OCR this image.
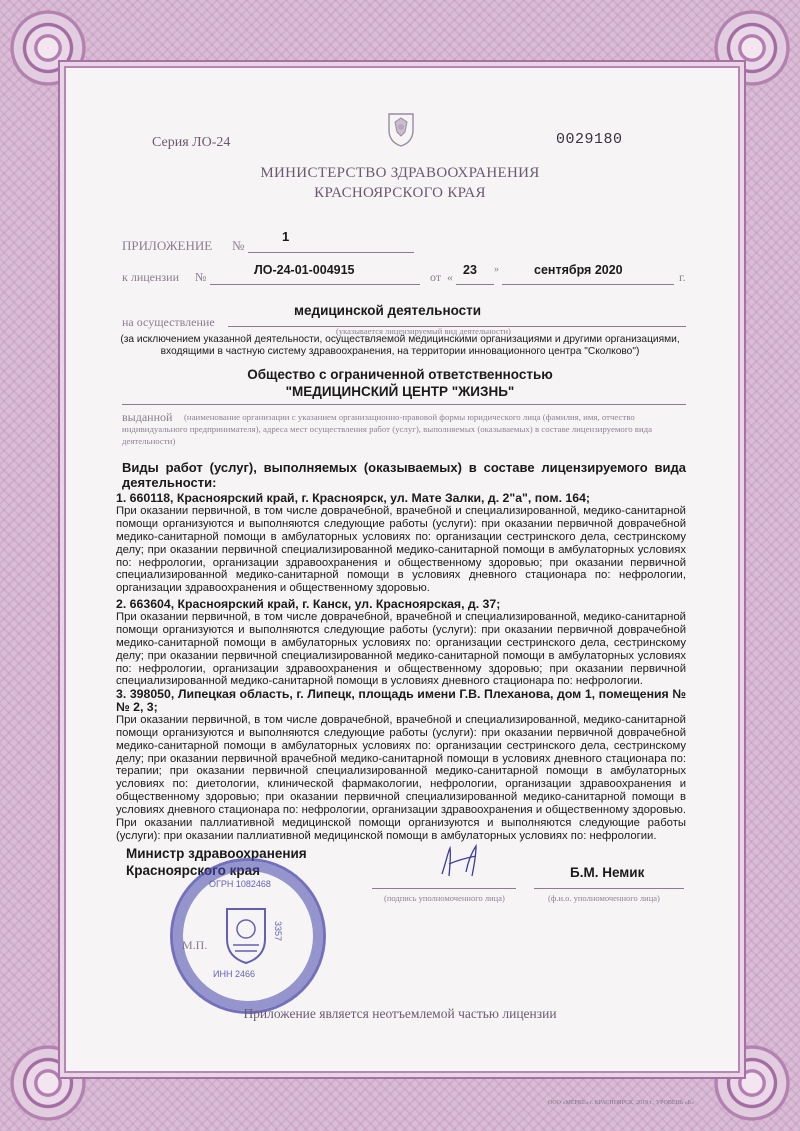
Серия ЛО-24	0029180
МИНИСТЕРСТВО ЗДРАВООХРАНЕНИЯ
КРАСНОЯРСКОГО КРАЯ
ПРИЛОЖЕНИЕ №
1
к лицензии №	ЛО-24-01-004915	от « 23 »	сентября 2020	г.
на осуществление
медицинской деятельности
(указывается лицензируемый вид деятельности)
(за исключением указанной деятельности, осуществляемой медицинскими организациями и другими организациями, входящими в частную систему здравоохранения, на территории инновационного центра "Сколково")
Общество с ограниченной ответственностью
"МЕДИЦИНСКИЙ ЦЕНТР "ЖИЗНЬ"
выданной	(наименование организации с указанием организационно-правовой формы юридического лица (фамилия, имя, отчество индивидуального предпринимателя), адреса мест осуществления работ (услуг), выполняемых (оказываемых) в составе лицензируемого вида деятельности)
Виды работ (услуг), выполняемых (оказываемых) в составе лицензируемого вида деятельности:
1. 660118, Красноярский край, г. Красноярск, ул. Мате Залки, д. 2"а", пом. 164;

При оказании первичной, в том числе доврачебной, врачебной и специализированной, медико-санитарной помощи организуются и выполняются следующие работы (услуги): при оказании первичной доврачебной медико-санитарной помощи в амбулаторных условиях по: организации сестринского дела, сестринскому делу; при оказании первичной специализированной медико-санитарной помощи в амбулаторных условиях по: нефрологии, организации здравоохранения и общественному здоровью; при оказании первичной специализированной медико-санитарной помощи в условиях дневного стационара по: нефрологии, организации здравоохранения и общественному здоровью.

2. 663604, Красноярский край, г. Канск, ул. Красноярская, д. 37;

При оказании первичной, в том числе доврачебной, врачебной и специализированной, медико-санитарной помощи организуются и выполняются следующие работы (услуги): при оказании первичной доврачебной медико-санитарной помощи в амбулаторных условиях по: организации сестринского дела, сестринскому делу; при оказании первичной специализированной медико-санитарной помощи в амбулаторных условиях по: нефрологии, организации здравоохранения и общественному здоровью; при оказании первичной специализированной медико-санитарной помощи в условиях дневного стационара по: нефрологии.

3. 398050, Липецкая область, г. Липецк, площадь имени Г.В. Плеханова, дом 1, помещения №№ 2, 3;

При оказании первичной, в том числе доврачебной, врачебной и специализированной, медико-санитарной помощи организуются и выполняются следующие работы (услуги): при оказании первичной доврачебной медико-санитарной помощи в амбулаторных условиях по: организации сестринского дела, сестринскому делу; при оказании первичной врачебной медико-санитарной помощи в условиях дневного стационара по: терапии; при оказании первичной специализированной медико-санитарной помощи в амбулаторных условиях по: диетологии, клинической фармакологии, нефрологии, организации здравоохранения и общественному здоровью; при оказании первичной специализированной медико-санитарной помощи в условиях дневного стационара по: нефрологии, организации здравоохранения и общественному здоровью. При оказании паллиативной медицинской помощи организуются и выполняются следующие работы (услуги): при оказании паллиативной медицинской помощи в амбулаторных условиях по: нефрологии.

Министр здравоохранения
Красноярского края
(подпись уполномоченного лица)
Б.М. Немик
(ф.и.о. уполномоченного лица)
М.П.
ОГРН 1082468
ИНН 2466
3357
Приложение является неотъемлемой частью лицензии
ООО «МЕРКЕ» г. КРАСНОЯРСК, 2019 г., УРОВЕНЬ «Б»
